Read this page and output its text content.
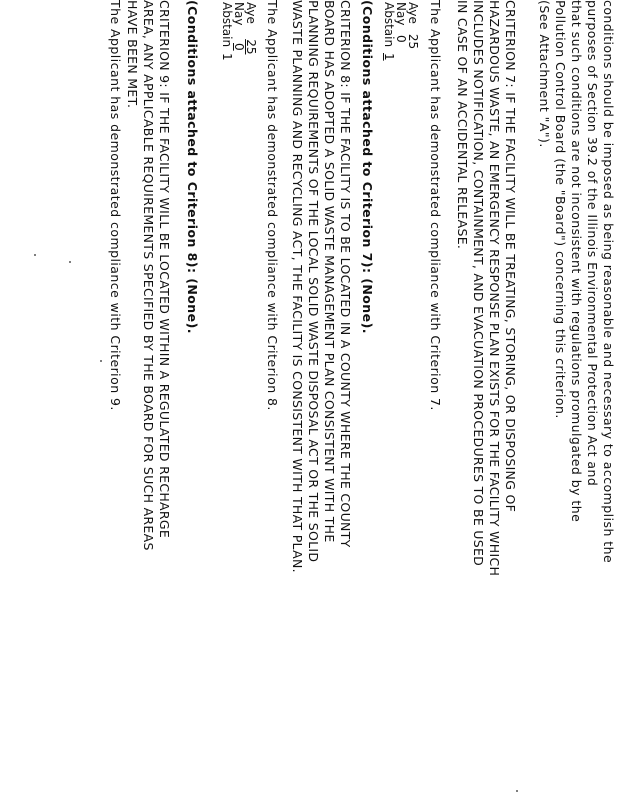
conditions should be imposed as being reasonable and necessary to accomplish the
purposes of Section 39.2 of the Illinois Environmental Protection Act and
that such conditions are not inconsistent with regulations promulgated by the
Pollution Control Board (the "Board") concerning this criterion.
(See Attachment "A").
CRITERION 7: IF THE FACILITY WILL BE TREATING, STORING, OR DISPOSING OF
HAZARDOUS WASTE, AN EMERGENCY RESPONSE PLAN EXISTS FOR THE FACILITY WHICH
INCLUDES NOTIFICATION, CONTAINMENT, AND EVACUATION PROCEDURES TO BE USED
IN CASE OF AN ACCIDENTAL RELEASE.
The Applicant has demonstrated compliance with Criterion 7.
Aye 25
Nay 0
Abstain 1
(Conditions attached to Criterion 7): (None).
CRITERION 8: IF THE FACILITY IS TO BE LOCATED IN A COUNTY WHERE THE COUNTY
BOARD HAS ADOPTED A SOLID WASTE MANAGEMENT PLAN CONSISTENT WITH THE
PLANNING REQUIREMENTS OF THE LOCAL SOLID WASTE DISPOSAL ACT OR THE SOLID
WASTE PLANNING AND RECYCLING ACT, THE FACILITY IS CONSISTENT WITH THAT PLAN.
The Applicant has demonstrated compliance with Criterion 8.
Aye 25
Nay 0
Abstain 1
(Conditions attached to Criterion 8): (None).
CRITERION 9: IF THE FACILITY WILL BE LOCATED WITHIN A REGULATED RECHARGE
AREA, ANY APPLICABLE REQUIREMENTS SPECIFIED BY THE BOARD FOR SUCH AREAS
HAVE BEEN MET.
The Applicant has demonstrated compliance with Criterion 9.
